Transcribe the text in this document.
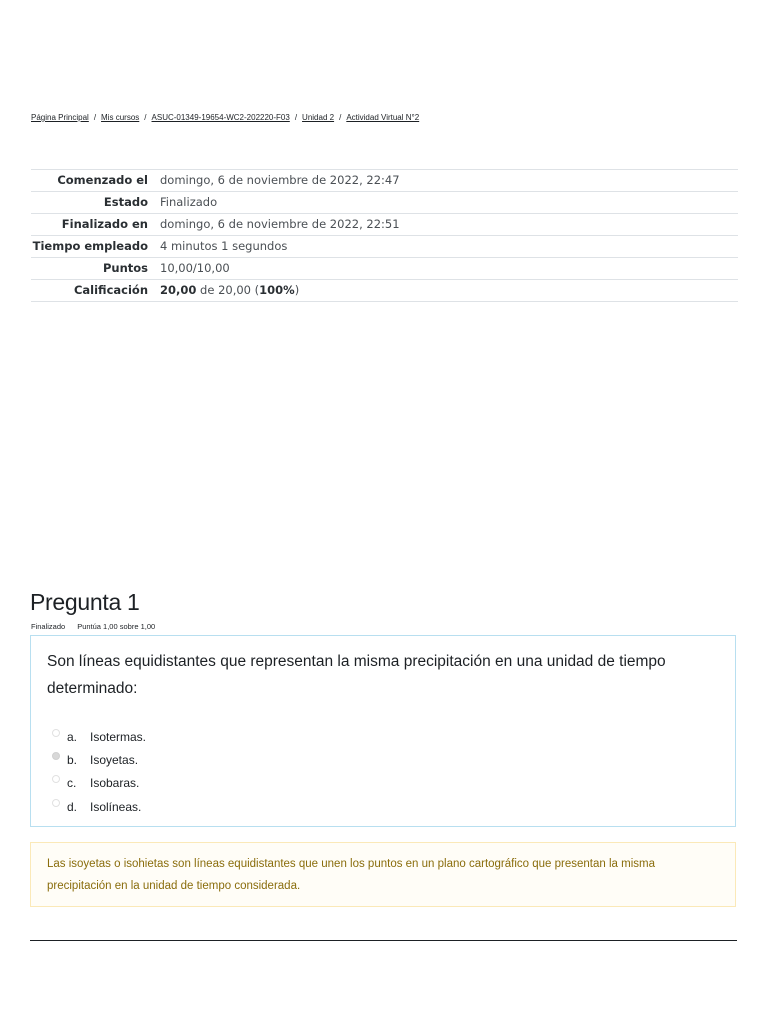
Página Principal / Mis cursos / ASUC-01349-19654-WC2-202220-F03 / Unidad 2 / Actividad Virtual N°2
Comenzado el	domingo, 6 de noviembre de 2022, 22:47
Estado	Finalizado
Finalizado en	domingo, 6 de noviembre de 2022, 22:51
Tiempo empleado	4 minutos 1 segundos
Puntos	10,00/10,00
Calificación	20,00 de 20,00 (100%)
Pregunta 1
Finalizado Puntúa 1,00 sobre 1,00

Son líneas equidistantes que representan la misma precipitación en una unidad de tiempo determinado:

a.	Isotermas.
b.	Isoyetas.
c.	Isobaras.
d.	Isolíneas.

Las isoyetas o isohietas son líneas equidistantes que unen los puntos en un plano cartográfico que presentan la misma precipitación en la unidad de tiempo considerada.
